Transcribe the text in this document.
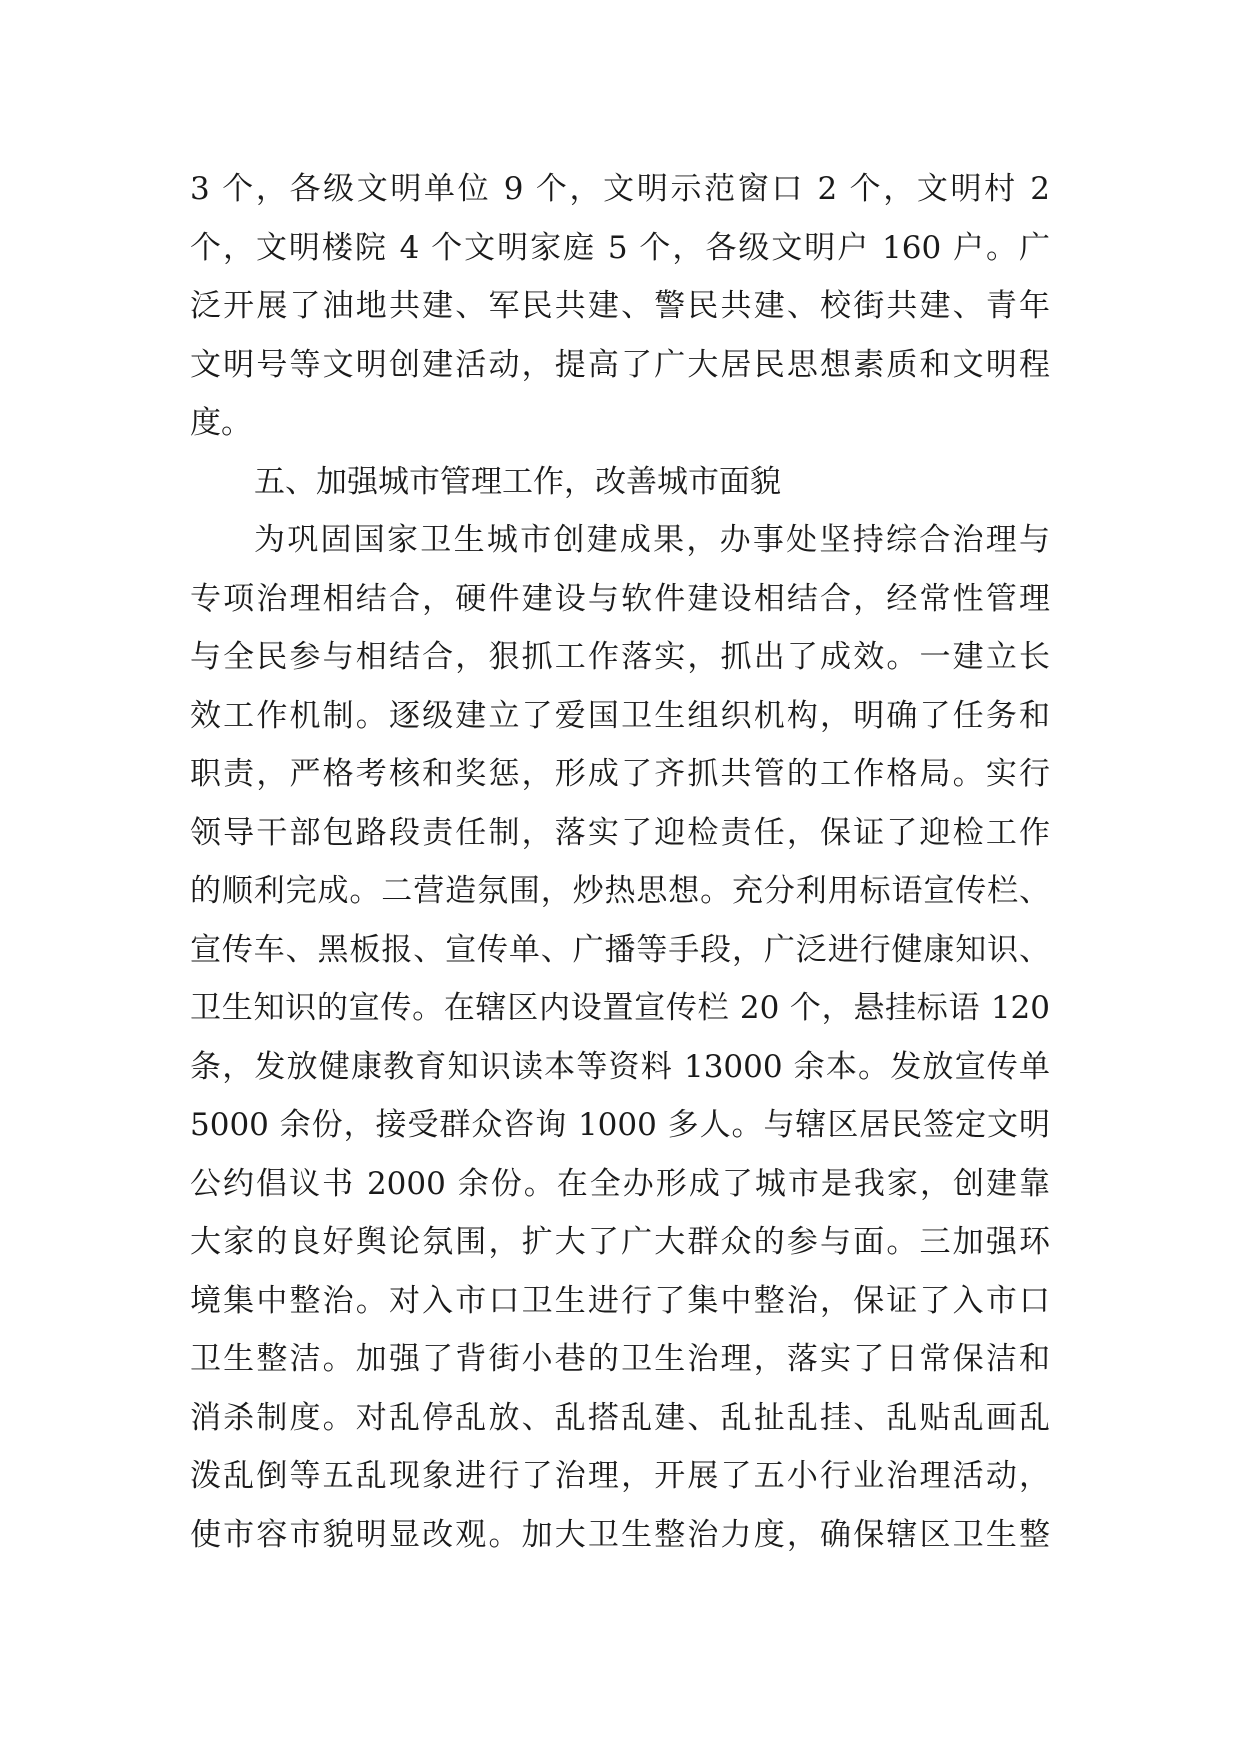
3 个，各级文明单位 9 个，文明示范窗口 2 个，文明村 2
个，文明楼院 4 个文明家庭 5 个，各级文明户 160 户。广
泛开展了油地共建、军民共建、警民共建、校街共建、青年
文明号等文明创建活动，提高了广大居民思想素质和文明程
度。
五、加强城市管理工作，改善城市面貌
为巩固国家卫生城市创建成果，办事处坚持综合治理与
专项治理相结合，硬件建设与软件建设相结合，经常性管理
与全民参与相结合，狠抓工作落实，抓出了成效。一建立长
效工作机制。逐级建立了爱国卫生组织机构，明确了任务和
职责，严格考核和奖惩，形成了齐抓共管的工作格局。实行
领导干部包路段责任制，落实了迎检责任，保证了迎检工作
的顺利完成。二营造氛围，炒热思想。充分利用标语宣传栏、
宣传车、黑板报、宣传单、广播等手段，广泛进行健康知识、
卫生知识的宣传。在辖区内设置宣传栏 20 个，悬挂标语 120
条，发放健康教育知识读本等资料 13000 余本。发放宣传单
5000 余份，接受群众咨询 1000 多人。与辖区居民签定文明
公约倡议书 2000 余份。在全办形成了城市是我家，创建靠
大家的良好舆论氛围，扩大了广大群众的参与面。三加强环
境集中整治。对入市口卫生进行了集中整治，保证了入市口
卫生整洁。加强了背街小巷的卫生治理，落实了日常保洁和
消杀制度。对乱停乱放、乱搭乱建、乱扯乱挂、乱贴乱画乱
泼乱倒等五乱现象进行了治理，开展了五小行业治理活动，
使市容市貌明显改观。加大卫生整治力度，确保辖区卫生整
